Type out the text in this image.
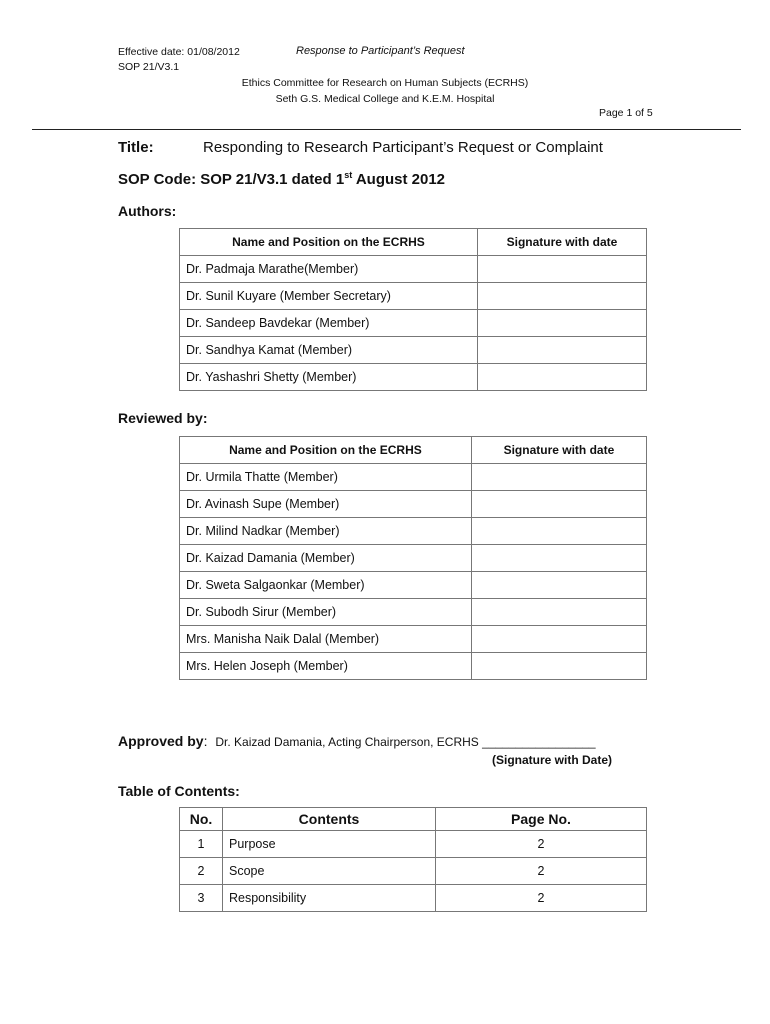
Effective date: 01/08/2012	Response to Participant’s Request
SOP 21/V3.1
Ethics Committee for Research on Human Subjects (ECRHS)
Seth G.S. Medical College and K.E.M. Hospital
Page 1 of 5
Title:	Responding to Research Participant’s Request or Complaint
SOP Code: SOP 21/V3.1 dated 1st August 2012
Authors:
Name and Position on the ECRHS	Signature with date
Dr. Padmaja Marathe(Member)	
Dr. Sunil Kuyare (Member Secretary)	
Dr. Sandeep Bavdekar (Member)	
Dr. Sandhya Kamat (Member)	
Dr. Yashashri Shetty (Member)	
Reviewed by:
Name and Position on the ECRHS	Signature with date
Dr. Urmila Thatte (Member)	
Dr. Avinash Supe (Member)	
Dr. Milind Nadkar (Member)	
Dr. Kaizad Damania (Member)	
Dr. Sweta Salgaonkar (Member)	
Dr. Subodh Sirur (Member)	
Mrs. Manisha Naik Dalal (Member)	
Mrs. Helen Joseph (Member)	
Approved by: Dr. Kaizad Damania, Acting Chairperson, ECRHS _________________
(Signature with Date)
Table of Contents:
No.	Contents	Page No.
1	Purpose	2
2	Scope	2
3	Responsibility	2
